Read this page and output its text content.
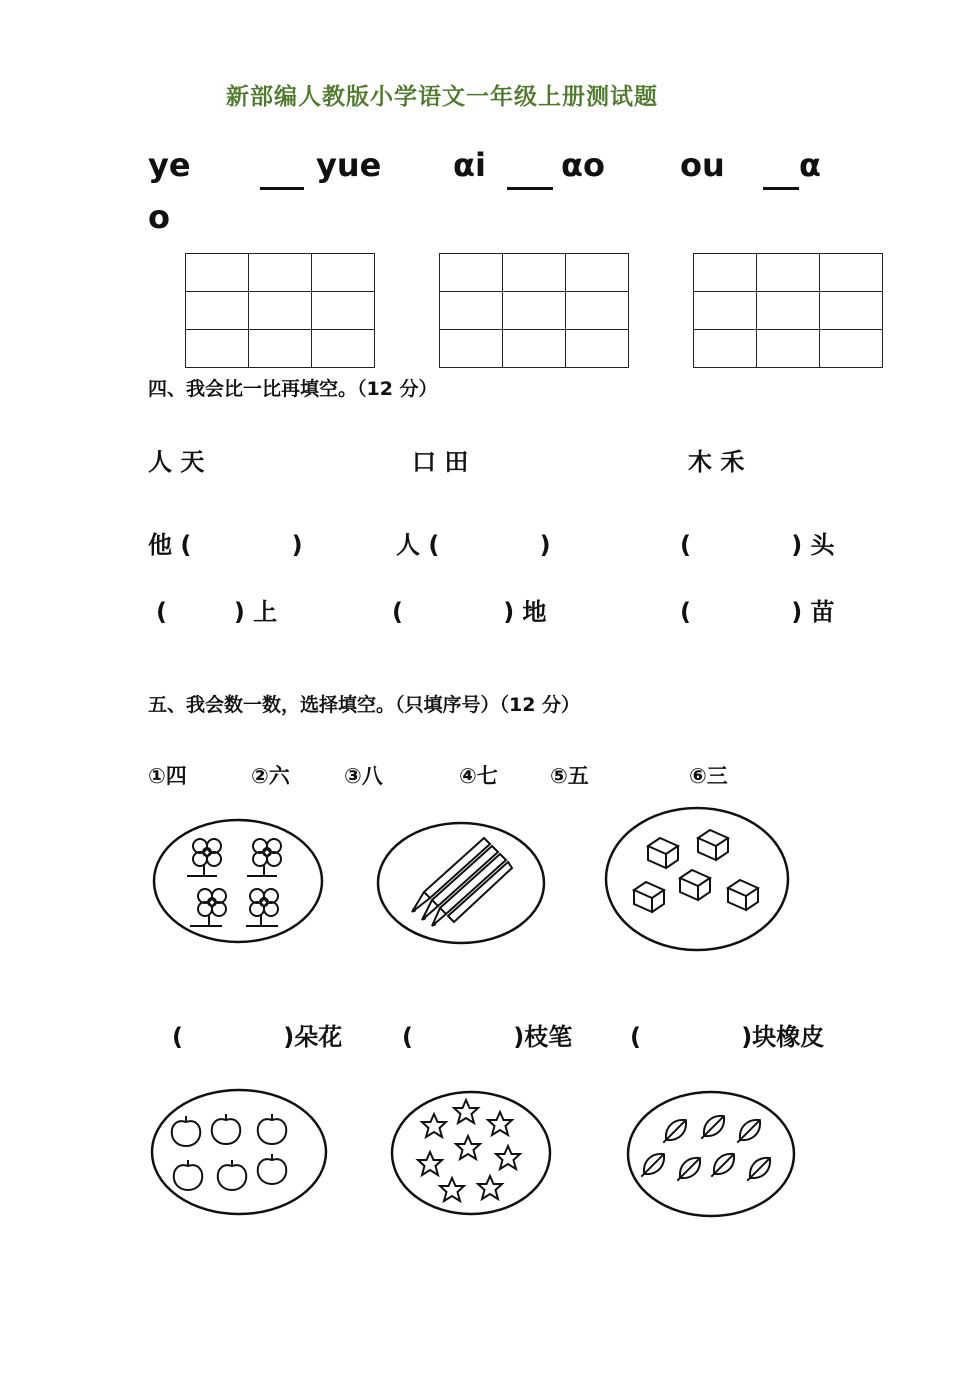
新部编人教版小学语文一年级上册测试题
ye	yue αi αo ou α
o

四、我会比一比再填空。（12 分）
人 天	口 田	木 禾
他 (            )	人 (            )	(            ) 头
(        ) 上	(            ) 地	(            ) 苗
五、我会数一数，选择填空。（只填序号）（12 分）
①四	②六	③八	④七 ⑤五	⑥三
(            )朵花 (            )枝笔 (            )块橡皮
